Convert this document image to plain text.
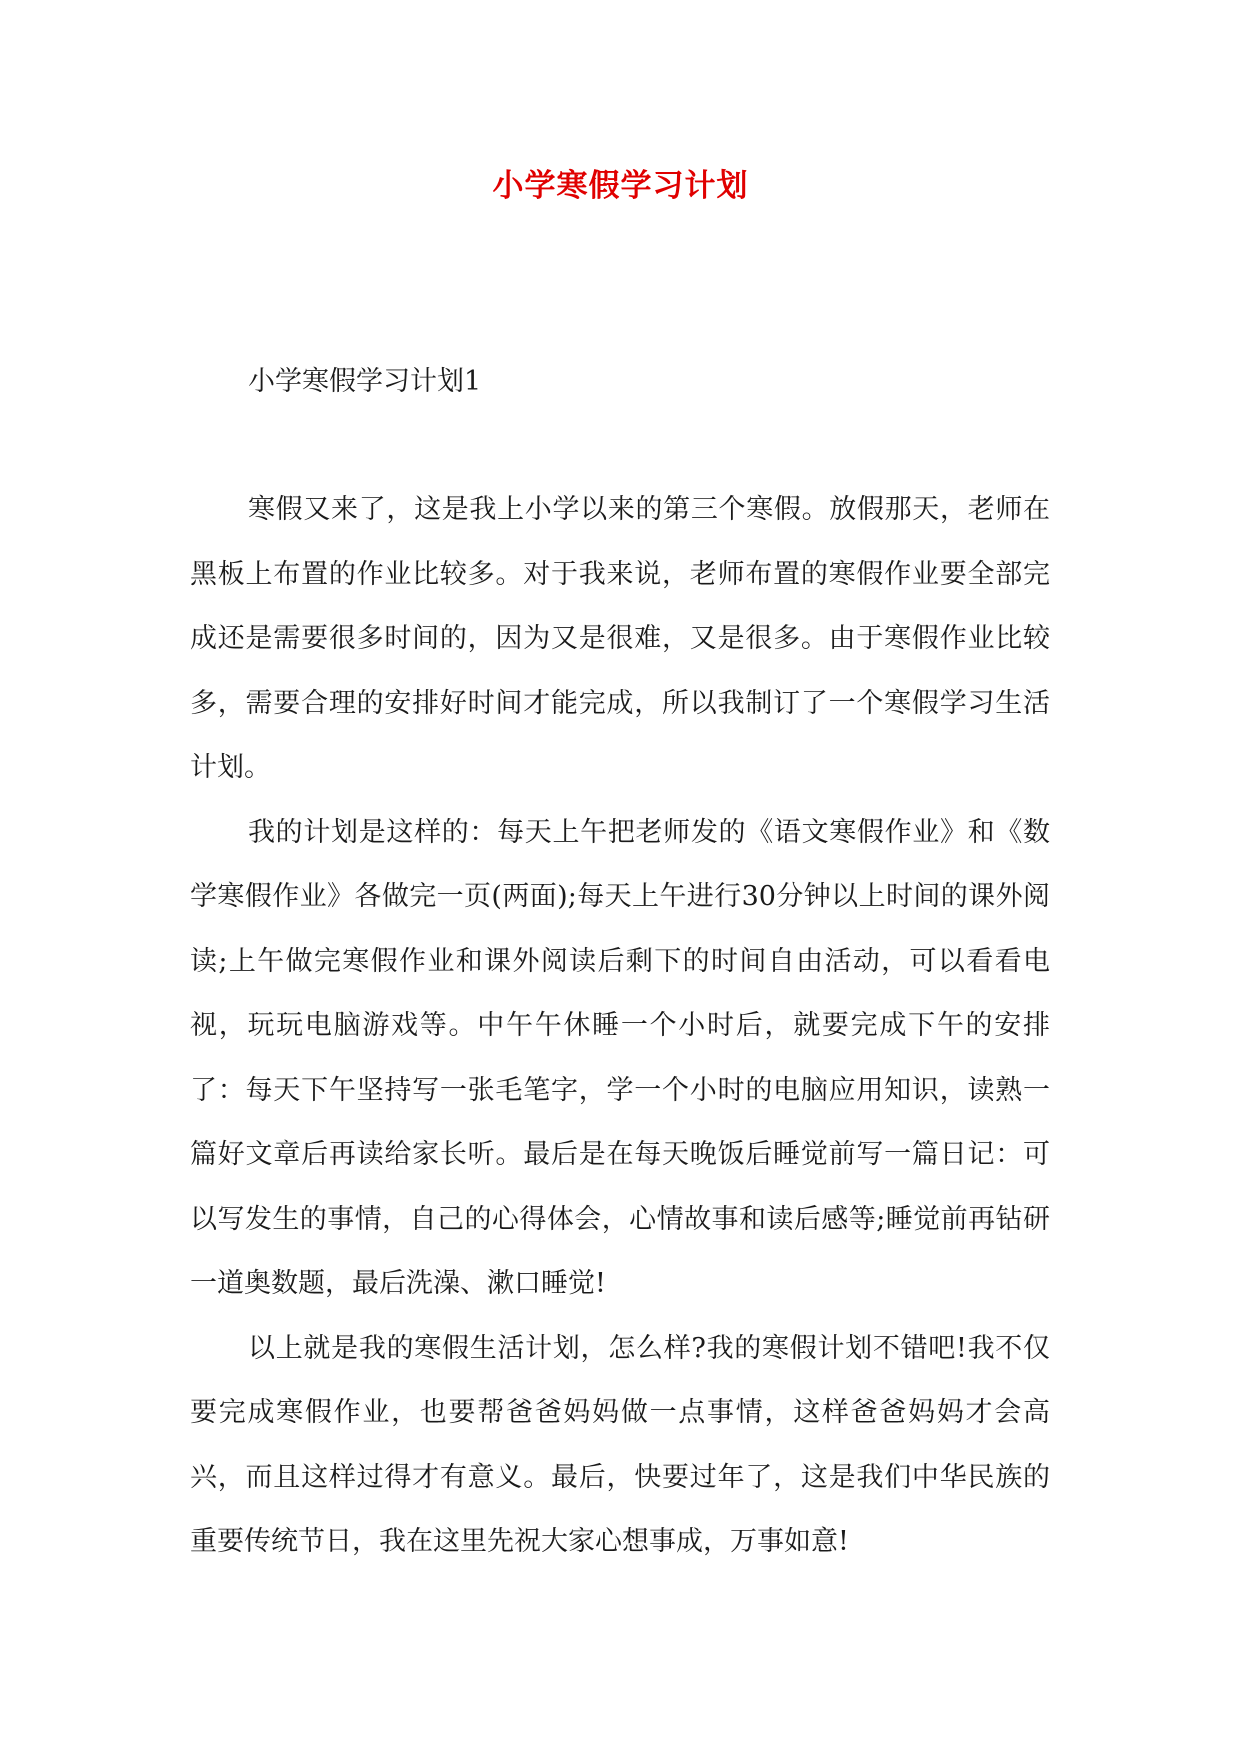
小学寒假学习计划
小学寒假学习计划1

寒假又来了，这是我上小学以来的第三个寒假。放假那天，老师在黑板上布置的作业比较多。对于我来说，老师布置的寒假作业要全部完成还是需要很多时间的，因为又是很难，又是很多。由于寒假作业比较多，需要合理的安排好时间才能完成，所以我制订了一个寒假学习生活计划。

我的计划是这样的：每天上午把老师发的《语文寒假作业》和《数学寒假作业》各做完一页(两面);每天上午进行30分钟以上时间的课外阅读;上午做完寒假作业和课外阅读后剩下的时间自由活动，可以看看电视，玩玩电脑游戏等。中午午休睡一个小时后，就要完成下午的安排了：每天下午坚持写一张毛笔字，学一个小时的电脑应用知识，读熟一篇好文章后再读给家长听。最后是在每天晚饭后睡觉前写一篇日记：可以写发生的事情，自己的心得体会，心情故事和读后感等;睡觉前再钻研一道奥数题，最后洗澡、漱口睡觉!

以上就是我的寒假生活计划，怎么样?我的寒假计划不错吧!我不仅要完成寒假作业，也要帮爸爸妈妈做一点事情，这样爸爸妈妈才会高兴，而且这样过得才有意义。最后，快要过年了，这是我们中华民族的重要传统节日，我在这里先祝大家心想事成，万事如意!
